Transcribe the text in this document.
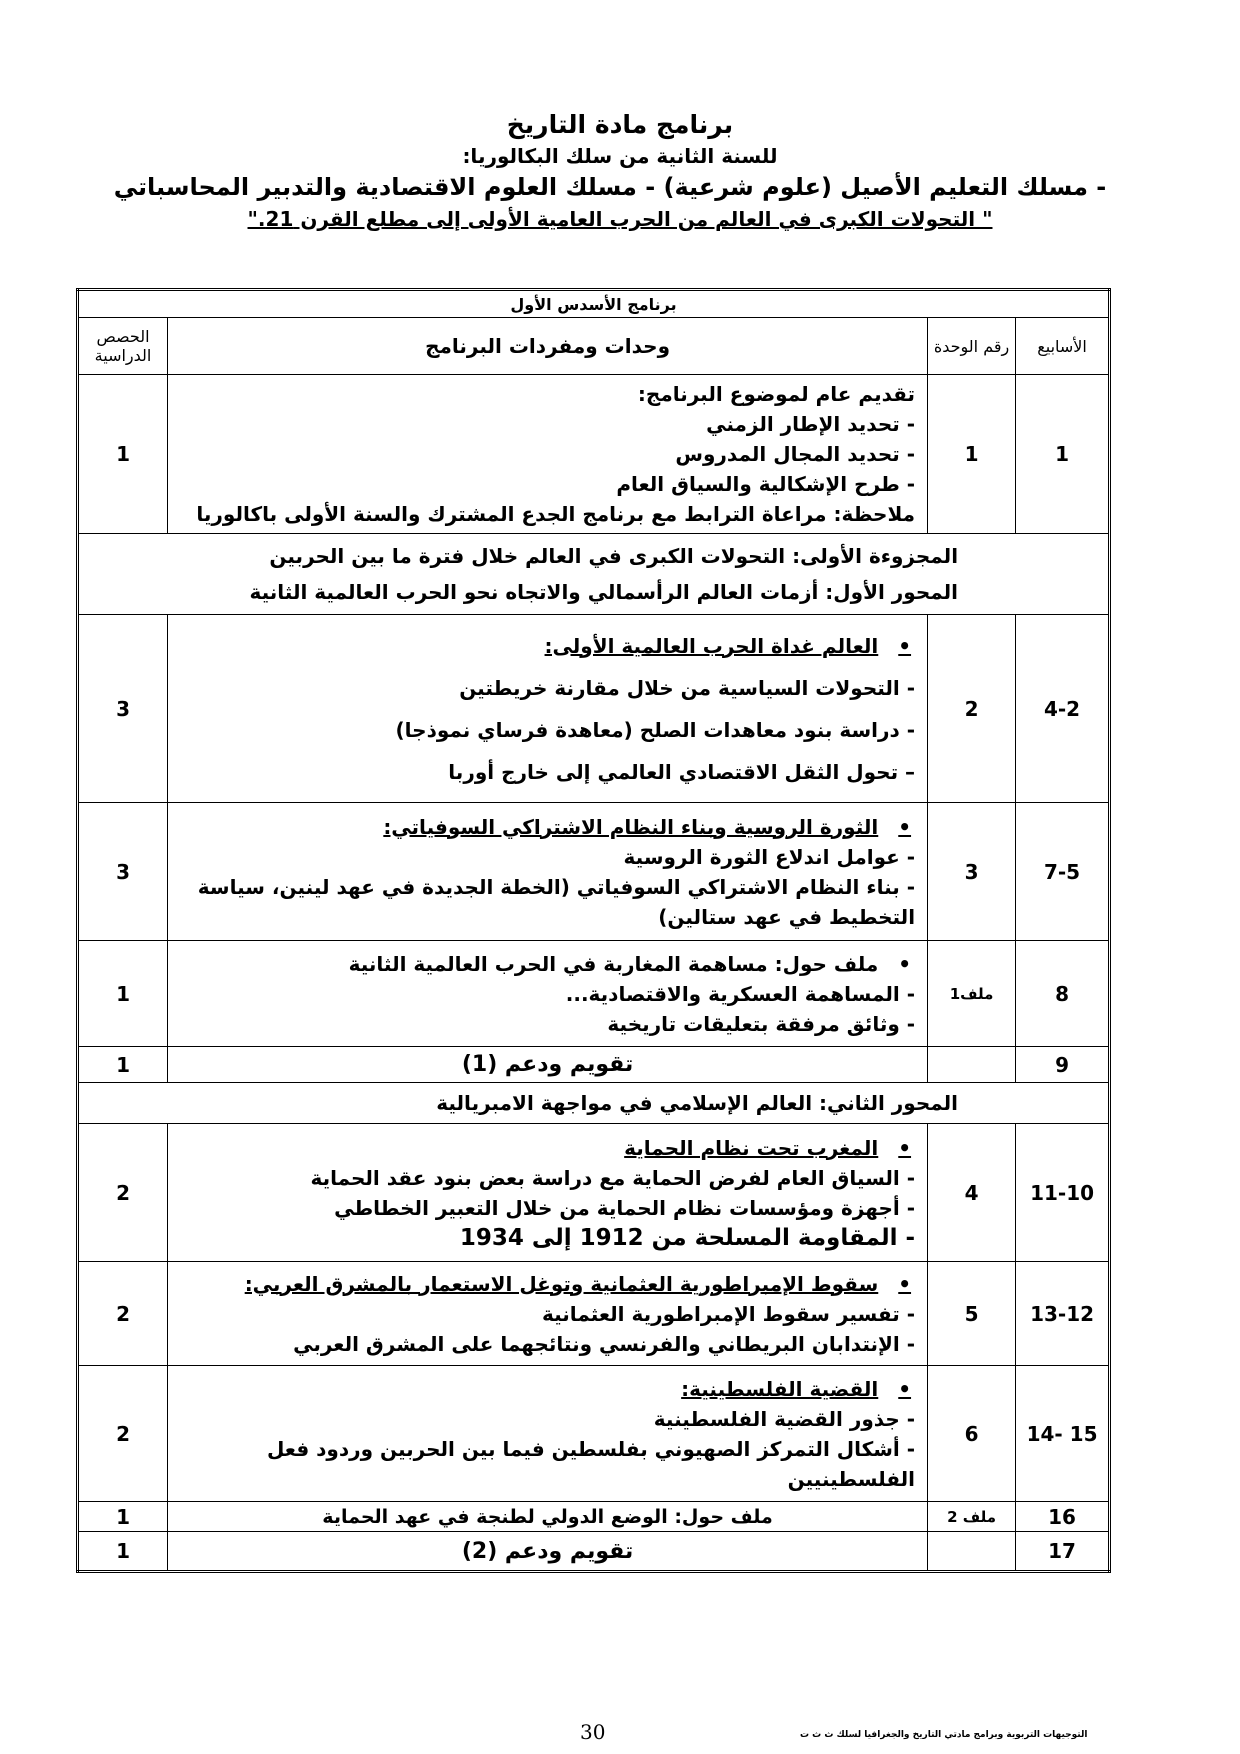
برنامج مادة التاريخ
للسنة الثانية من سلك البكالوريا:
- مسلك التعليم الأصيل (علوم شرعية) - مسلك العلوم الاقتصادية والتدبير المحاسباتي
" التحولات الكبرى في العالم من الحرب العامية الأولى إلى مطلع القرن 21."
برنامج الأسدس الأول			
الأسابيع	رقم الوحدة	وحدات ومفردات البرنامج	الحصص الدراسية
1	1	تقديم عام لموضوع البرنامج:
- تحديد الإطار الزمني
- تحديد المجال المدروس
- طرح الإشكالية والسياق العام
ملاحظة: مراعاة الترابط مع برنامج الجدع المشترك والسنة الأولى باكالوريا	1

المجزوءة الأولى: التحولات الكبرى في العالم خلال فترة ما بين الحربين
المحور الأول: أزمات العالم الرأسمالي والاتجاه نحو الحرب العالمية الثانية			

4-2	2	• العالم غداة الحرب العالمية الأولى:
- التحولات السياسية من خلال مقارنة خريطتين
- دراسة بنود معاهدات الصلح (معاهدة فرساي نموذجا)
– تحول الثقل الاقتصادي العالمي إلى خارج أوربا	3
7-5	3	• الثورة الروسية وبناء النظام الاشتراكي السوفياتي:
- عوامل اندلاع الثورة الروسية
- بناء النظام الاشتراكي السوفياتي (الخطة الجديدة في عهد لينين، سياسة التخطيط في عهد ستالين)	3
8	ملف1	• ملف حول: مساهمة المغاربة في الحرب العالمية الثانية
- المساهمة العسكرية والاقتصادية...
- وثائق مرفقة بتعليقات تاريخية	1
9		تقويم ودعم (1)	1
المحور الثاني: العالم الإسلامي في مواجهة الامبريالية			
11-10	4	• المغرب تحت نظام الحماية
- السياق العام لفرض الحماية مع دراسة بعض بنود عقد الحماية
- أجهزة ومؤسسات نظام الحماية من خلال التعبير الخطاطي
- المقاومة المسلحة من 1912 إلى 1934	2
13-12	5	• سقوط الإمبراطورية العثمانية وتوغل الاستعمار بالمشرق العربي:
- تفسير سقوط الإمبراطورية العثمانية
- الإنتدابان البريطاني والفرنسي ونتائجهما على المشرق العربي	2
15 -14	6	• القضية الفلسطينية:
- جذور القضية الفلسطينية
- أشكال التمركز الصهيوني بفلسطين فيما بين الحربين وردود فعل الفلسطينيين	2
16	ملف 2	ملف حول: الوضع الدولي لطنجة في عهد الحماية	1
17		تقويم ودعم (2)	1
30	التوجيهات التربوية وبرامج مادتي التاريخ والجغرافيا لسلك ث ث ت
